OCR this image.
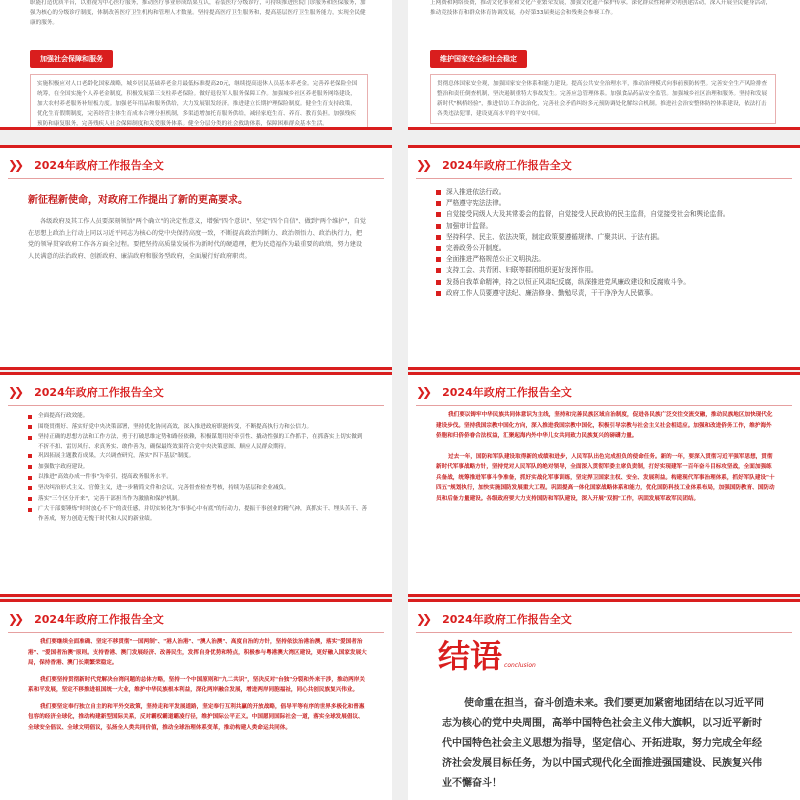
职能打造优质平台，以重视为中心医疗服务，推动医疗事业形成结果互认，着装医疗分级诊疗，可持续推进医院门诊服务和医保服务，加强为核心的分级诊疗制度，体制改善医疗卫生机构和管理人才数量。坚持提高医疗卫生服务和，提高基层医疗卫生服务能力，实现全民健康的服务。
加强社会保障和服务
实施积极应对人口老龄化国家战略，城乡居民基础养老金月最低标准提高20元，继续提高退休人员基本养老金。完善养老保险全国统筹，在全国实施个人养老金制度，积极发展第三支柱养老保险。做好退役军人服务保障工作。加强城乡社区养老服务网络建设，加大农村养老服务补短板力度。加强老年用品和服务供给，大力发展银发经济。推进建立长期护理保险制度。健全生育支持政策，优化生育假期制度，完善经营主体生育成本合理分担机制，多渠道增加托育服务供给，减轻家庭生育、养育、教育负担。加强残疾预防和康复服务，完善残疾人社会保障制度和关爱服务体系。健全分层分类的社会救助体系，保障困难群众基本生活。
上网费和网络资费，推动文化事业和文化产业繁荣发展，加强文化遗产保护传承。深化群众性精神文明创建活动，深入开展全民健身活动，推动竞技体育和群众体育协调发展，办好第33届奥运会和残奥会参赛工作。
维护国家安全和社会稳定
贯彻总体国家安全观，加强国家安全体系和能力建设。提高公共安全治理水平，推动治理模式向事前预防转型。完善安全生产风险排查整治和责任倒查机制，坚决遏制重特大事故发生。完善应急管理体系。加强食品药品安全监管。加强城乡社区治理和服务。坚持和发展新时代"枫桥经验"，推进信访工作法治化，完善社会矛盾纠纷多元预防调处化解综合机制。推进社会治安整体防控体系建设，依法打击各类违法犯罪，建设更高水平的平安中国。
❯❯ 2024年政府工作报告全文
新征程新使命，对政府工作提出了新的更高要求。
各级政府及其工作人员要深刻领悟"两个确立"的决定性意义，增强"四个意识"、坚定"四个自信"、做到"两个维护"，自觉在思想上政治上行动上同以习近平同志为核心的党中央保持高度一致，不断提高政治判断力、政治领悟力、政治执行力，把党的领导贯穿政府工作各方面全过程。要把坚持高质量发展作为新时代的硬道理，把为民造福作为最重要的政绩，努力建设人民满意的法治政府、创新政府、廉洁政府和服务型政府，全面履行好政府职责。
❯❯ 2024年政府工作报告全文
深入推进依法行政。
严格遵守宪法法律。
自觉接受同级人大及其常委会的监督，自觉接受人民政协的民主监督，自觉接受社会和舆论监督。
加强审计监督。
坚持科学、民主、依法决策，制定政策要遵循规律、广聚共识、于法有据。
完善政务公开制度。
全面推进严格规范公正文明执法。
支持工会、共青团、妇联等群团组织更好发挥作用。
发扬自我革命精神，持之以恒正风肃纪反腐，纵深推进党风廉政建设和反腐败斗争。
政府工作人员要遵守法纪、廉洁修身、勤勉尽责，干干净净为人民做事。
❯❯ 2024年政府工作报告全文
全面提高行政效能。
围绕贯彻好、落实好党中央决策部署，坚持优化协同高效，深入推进政府职能转变，不断提高执行力和公信力。
坚持正确的思想方法和工作方法，勇于打破思维定势和路径依赖，积极谋划用好牵引性、撬动性强的工作抓手，在抓落实上切实做到不折不扣、雷厉风行、求真务实、敢作善为，确保最终效果符合党中央决策意图、顺应人民群众期待。
巩固拓展主题教育成果，大兴调查研究，落实"四下基层"制度。
加强数字政府建设。
以推进"高效办成一件事"为牵引，提高政务服务水平。
坚决纠治形式主义、官僚主义，进一步精简文件和会议，完善督查检查考核，持续为基层和企业减负。
落实"三个区分开来"，完善干部担当作为激励和保护机制。
广大干部要锤炼"时时放心不下"的责任感，并切实转化为"事事心中有底"的行动力，提振干事创业的精气神，真抓实干、埋头苦干、善作善成，努力创造无愧于时代和人民的新业绩。
❯❯ 2024年政府工作报告全文
我们要以铸牢中华民族共同体意识为主线，坚持和完善民族区域自治制度，促进各民族广泛交往交流交融，推动民族地区加快现代化建设步伐。坚持我国宗教中国化方向，深入推进我国宗教中国化，积极引导宗教与社会主义社会相适应。加强和改进侨务工作，维护海外侨胞和归侨侨眷合法权益，汇聚起海内外中华儿女共同致力民族复兴的磅礴力量。
过去一年，国防和军队建设取得新的成绩和进步，人民军队出色完成担负的使命任务。新的一年，要深入贯彻习近平强军思想，贯彻新时代军事战略方针，坚持党对人民军队的绝对领导，全面深入贯彻军委主席负责制，打好实现建军一百年奋斗目标攻坚战，全面加强练兵备战，统筹推进军事斗争准备，抓好实战化军事训练，坚定捍卫国家主权、安全、发展利益。构建现代军事治理体系，抓好军队建设"十四五"规划执行，加快实施国防发展重大工程。巩固提高一体化国家战略体系和能力，优化国防科技工业体系布局，加强国防教育、国防动员和后备力量建设。各级政府要大力支持国防和军队建设，深入开展"双拥"工作，巩固发展军政军民团结。
❯❯ 2024年政府工作报告全文
我们要继续全面准确、坚定不移贯彻"一国两制"、"港人治港"、"澳人治澳"、高度自治的方针，坚持依法治港治澳，落实"爱国者治港"、"爱国者治澳"原则。支持香港、澳门发展经济、改善民生，发挥自身优势和特点，积极参与粤港澳大湾区建设，更好融入国家发展大局，保持香港、澳门长期繁荣稳定。
我们要坚持贯彻新时代党解决台湾问题的总体方略，坚持一个中国原则和"九二共识"，坚决反对"台独"分裂和外来干涉，推动两岸关系和平发展，坚定不移推进祖国统一大业，维护中华民族根本利益，深化两岸融合发展，增进两岸同胞福祉，同心共创民族复兴伟业。
我们要坚定奉行独立自主的和平外交政策，坚持走和平发展道路，坚定奉行互利共赢的开放战略，倡导平等有序的世界多极化和普惠包容的经济全球化，推动构建新型国际关系，反对霸权霸道霸凌行径，维护国际公平正义。中国愿同国际社会一道，落实全球发展倡议、全球安全倡议、全球文明倡议，弘扬全人类共同价值，推动全球治理体系变革，推动构建人类命运共同体。
❯❯ 2024年政府工作报告全文
结语 conclusion
使命重在担当，奋斗创造未来。我们要更加紧密地团结在以习近平同志为核心的党中央周围，高举中国特色社会主义伟大旗帜，以习近平新时代中国特色社会主义思想为指导，坚定信心、开拓进取，努力完成全年经济社会发展目标任务，为以中国式现代化全面推进强国建设、民族复兴伟业不懈奋斗！
